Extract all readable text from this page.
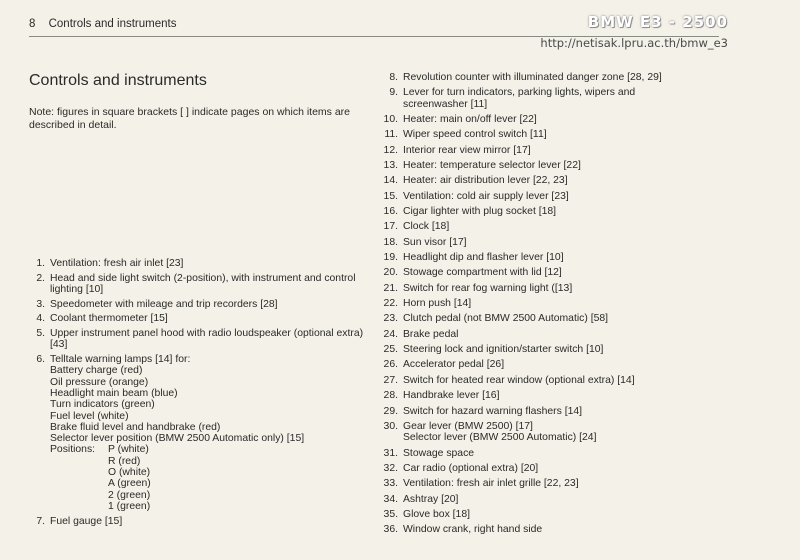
8 Controls and instruments	BMW E3 - 2500
http://netisak.lpru.ac.th/bmw_e3
Controls and instruments
Note: figures in square brackets [ ] indicate pages on which items are described in detail.
1. Ventilation: fresh air inlet [23]
2. Head and side light switch (2-position), with instrument and control lighting [10]
3. Speedometer with mileage and trip recorders [28]
4. Coolant thermometer [15]
5. Upper instrument panel hood with radio loudspeaker (optional extra) [43]
6. Telltale warning lamps [14] for:
Battery charge (red)
Oil pressure (orange)
Headlight main beam (blue)
Turn indicators (green)
Fuel level (white)
Brake fluid level and handbrake (red)
Selector lever position (BMW 2500 Automatic only) [15]
Positions:	P (white)
R (red)
O (white)
A (green)
2 (green)
1 (green)
7. Fuel gauge [15]
8. Revolution counter with illuminated danger zone [28, 29]
9. Lever for turn indicators, parking lights, wipers and screenwasher [11]
10. Heater: main on/off lever [22]
11. Wiper speed control switch [11]
12. Interior rear view mirror [17]
13. Heater: temperature selector lever [22]
14. Heater: air distribution lever [22, 23]
15. Ventilation: cold air supply lever [23]
16. Cigar lighter with plug socket [18]
17. Clock [18]
18. Sun visor [17]
19. Headlight dip and flasher lever [10]
20. Stowage compartment with lid [12]
21. Switch for rear fog warning light ([13]
22. Horn push [14]
23. Clutch pedal (not BMW 2500 Automatic) [58]
24. Brake pedal
25. Steering lock and ignition/starter switch [10]
26. Accelerator pedal [26]
27. Switch for heated rear window (optional extra) [14]
28. Handbrake lever [16]
29. Switch for hazard warning flashers [14]
30. Gear lever (BMW 2500) [17]
Selector lever (BMW 2500 Automatic) [24]
31. Stowage space
32. Car radio (optional extra) [20]
33. Ventilation: fresh air inlet grille [22, 23]
34. Ashtray [20]
35. Glove box [18]
36. Window crank, right hand side
